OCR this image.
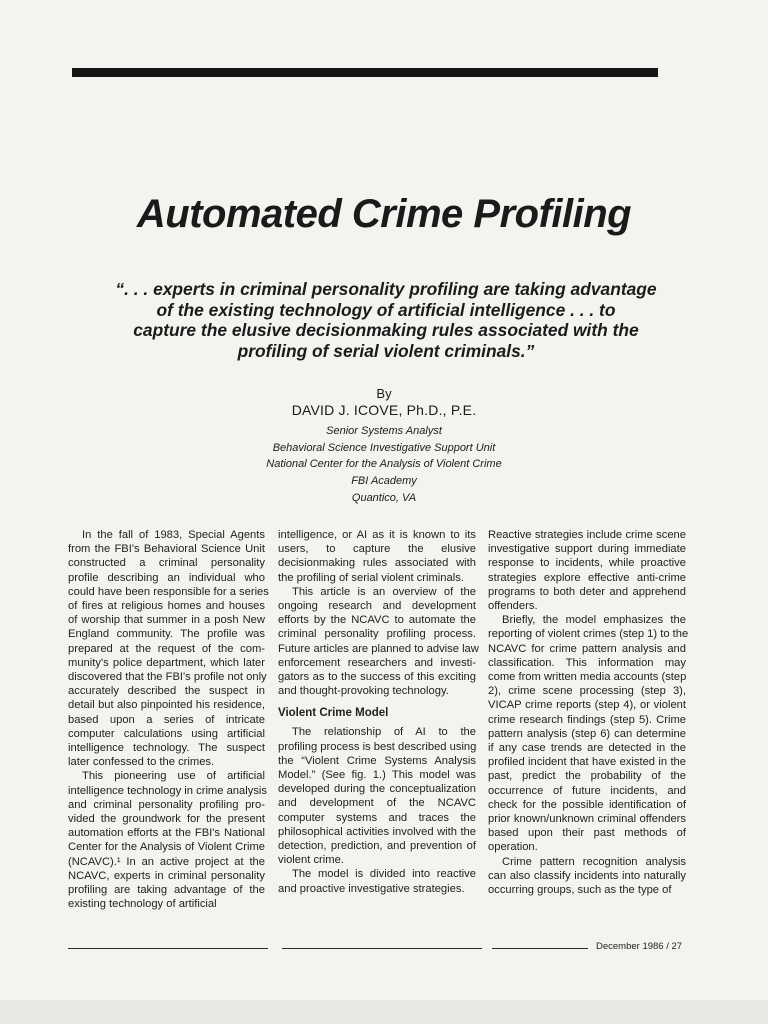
Automated Crime Profiling
“. . . experts in criminal personality profiling are taking advantage
of the existing technology of artificial intelligence . . . to
capture the elusive decisionmaking rules associated with the
profiling of serial violent criminals.”
By
DAVID J. ICOVE, Ph.D., P.E.
Senior Systems Analyst
Behavioral Science Investigative Support Unit
National Center for the Analysis of Violent Crime
FBI Academy
Quantico, VA
In the fall of 1983, Special Agents
from the FBI's Behavioral Science Unit
constructed a criminal personality
profile describing an individual who
could have been responsible for a series
of fires at religious homes and houses
of worship that summer in a posh New
England community. The profile was
prepared at the request of the com-
munity's police department, which later
discovered that the FBI's profile not only
accurately described the suspect in
detail but also pinpointed his residence,
based upon a series of intricate
computer calculations using artificial
intelligence technology. The suspect
later confessed to the crimes.
This pioneering use of artificial
intelligence technology in crime analysis
and criminal personality profiling pro-
vided the groundwork for the present
automation efforts at the FBI's National
Center for the Analysis of Violent Crime
(NCAVC).¹ In an active project at the
NCAVC, experts in criminal personality
profiling are taking advantage of the
existing technology of artificial
intelligence, or AI as it is known to its
users, to capture the elusive
decisionmaking rules associated with
the profiling of serial violent criminals.
This article is an overview of the
ongoing research and development
efforts by the NCAVC to automate the
criminal personality profiling process.
Future articles are planned to advise law
enforcement researchers and investi-
gators as to the success of this exciting
and thought-provoking technology.
Violent Crime Model
The relationship of AI to the
profiling process is best described using
the “Violent Crime Systems Analysis
Model.” (See fig. 1.) This model was
developed during the conceptualization
and development of the NCAVC
computer systems and traces the
philosophical activities involved with the
detection, prediction, and prevention of
violent crime.
The model is divided into reactive
and proactive investigative strategies.
Reactive strategies include crime scene
investigative support during immediate
response to incidents, while proactive
strategies explore effective anti-crime
programs to both deter and apprehend
offenders.
Briefly, the model emphasizes the
reporting of violent crimes (step 1) to the
NCAVC for crime pattern analysis and
classification. This information may
come from written media accounts (step
2), crime scene processing (step 3),
VICAP crime reports (step 4), or violent
crime research findings (step 5). Crime
pattern analysis (step 6) can determine
if any case trends are detected in the
profiled incident that have existed in the
past, predict the probability of the
occurrence of future incidents, and
check for the possible identification of
prior known/unknown criminal offenders
based upon their past methods of
operation.
Crime pattern recognition analysis
can also classify incidents into naturally
occurring groups, such as the type of
December 1986 / 27
